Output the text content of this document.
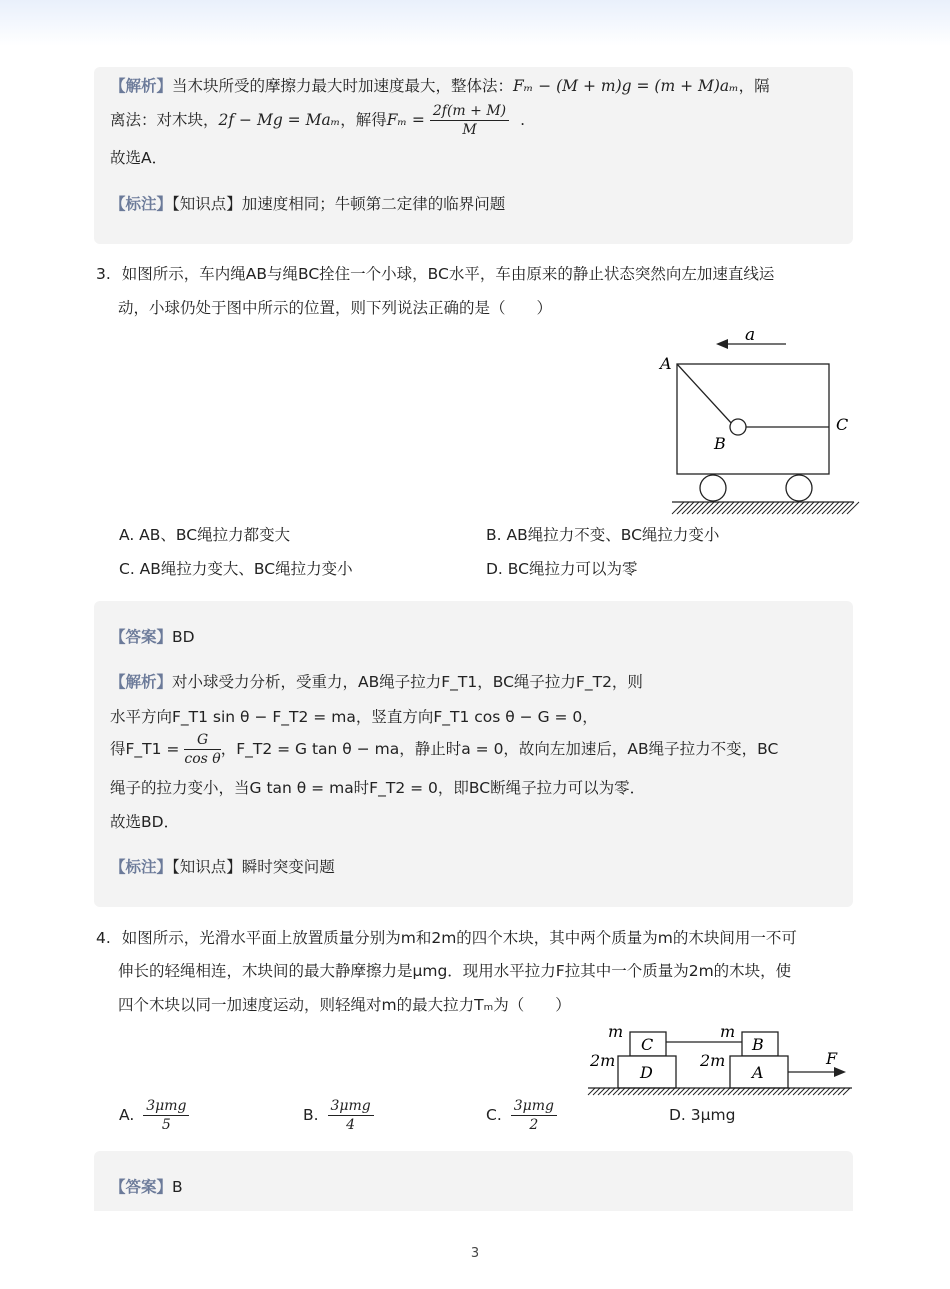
【解析】当木块所受的摩擦力最大时加速度最大，整体法：Fₘ − (M + m)g = (m + M)aₘ，隔
离法：对木块，2f − Mg = Maₘ，解得$F_m = \frac{2f(m + M)}{M}$ .
故选A．
【标注】【知识点】加速度相同；牛顿第二定律的临界问题
3. 如图所示，车内绳AB与绳BC拴住一个小球，BC水平，车由原来的静止状态突然向左加速直线运
动，小球仍处于图中所示的位置，则下列说法正确的是（　　）
a
A
B
C
A. AB、BC绳拉力都变大	B. AB绳拉力不变、BC绳拉力变小
C. AB绳拉力变大、BC绳拉力变小	D. BC绳拉力可以为零
【答案】BD
【解析】对小球受力分析，受重力，AB绳子拉力F_T1，BC绳子拉力F_T2，则
水平方向F_T1 sin θ − F_T2 = ma，竖直方向F_T1 cos θ − G = 0，
得F_T1 = $\frac{G}{\text{cos θ}}$ ，F_T2 = G tan θ − ma，静止时a = 0，故向左加速后，AB绳子拉力不变，BC
绳子的拉力变小，当G tan θ = ma时F_T2 = 0，即BC断绳子拉力可以为零．
故选BD．
【标注】【知识点】瞬时突变问题
4. 如图所示，光滑水平面上放置质量分别为m和2m的四个木块，其中两个质量为m的木块间用一不可
伸长的轻绳相连，木块间的最大静摩擦力是μmg．现用水平拉力F拉其中一个质量为2m的木块，使
四个木块以同一加速度运动，则轻绳对m的最大拉力Tₘ为（　　）
m	m
C	B
2m	2m
D	A
F
A. $\frac{\text{3μmg}}{5}$	B. $\frac{\text{3μmg}}{4}$	C. $\frac{\text{3μmg}}{2}$	D. 3μmg
【答案】B
3
